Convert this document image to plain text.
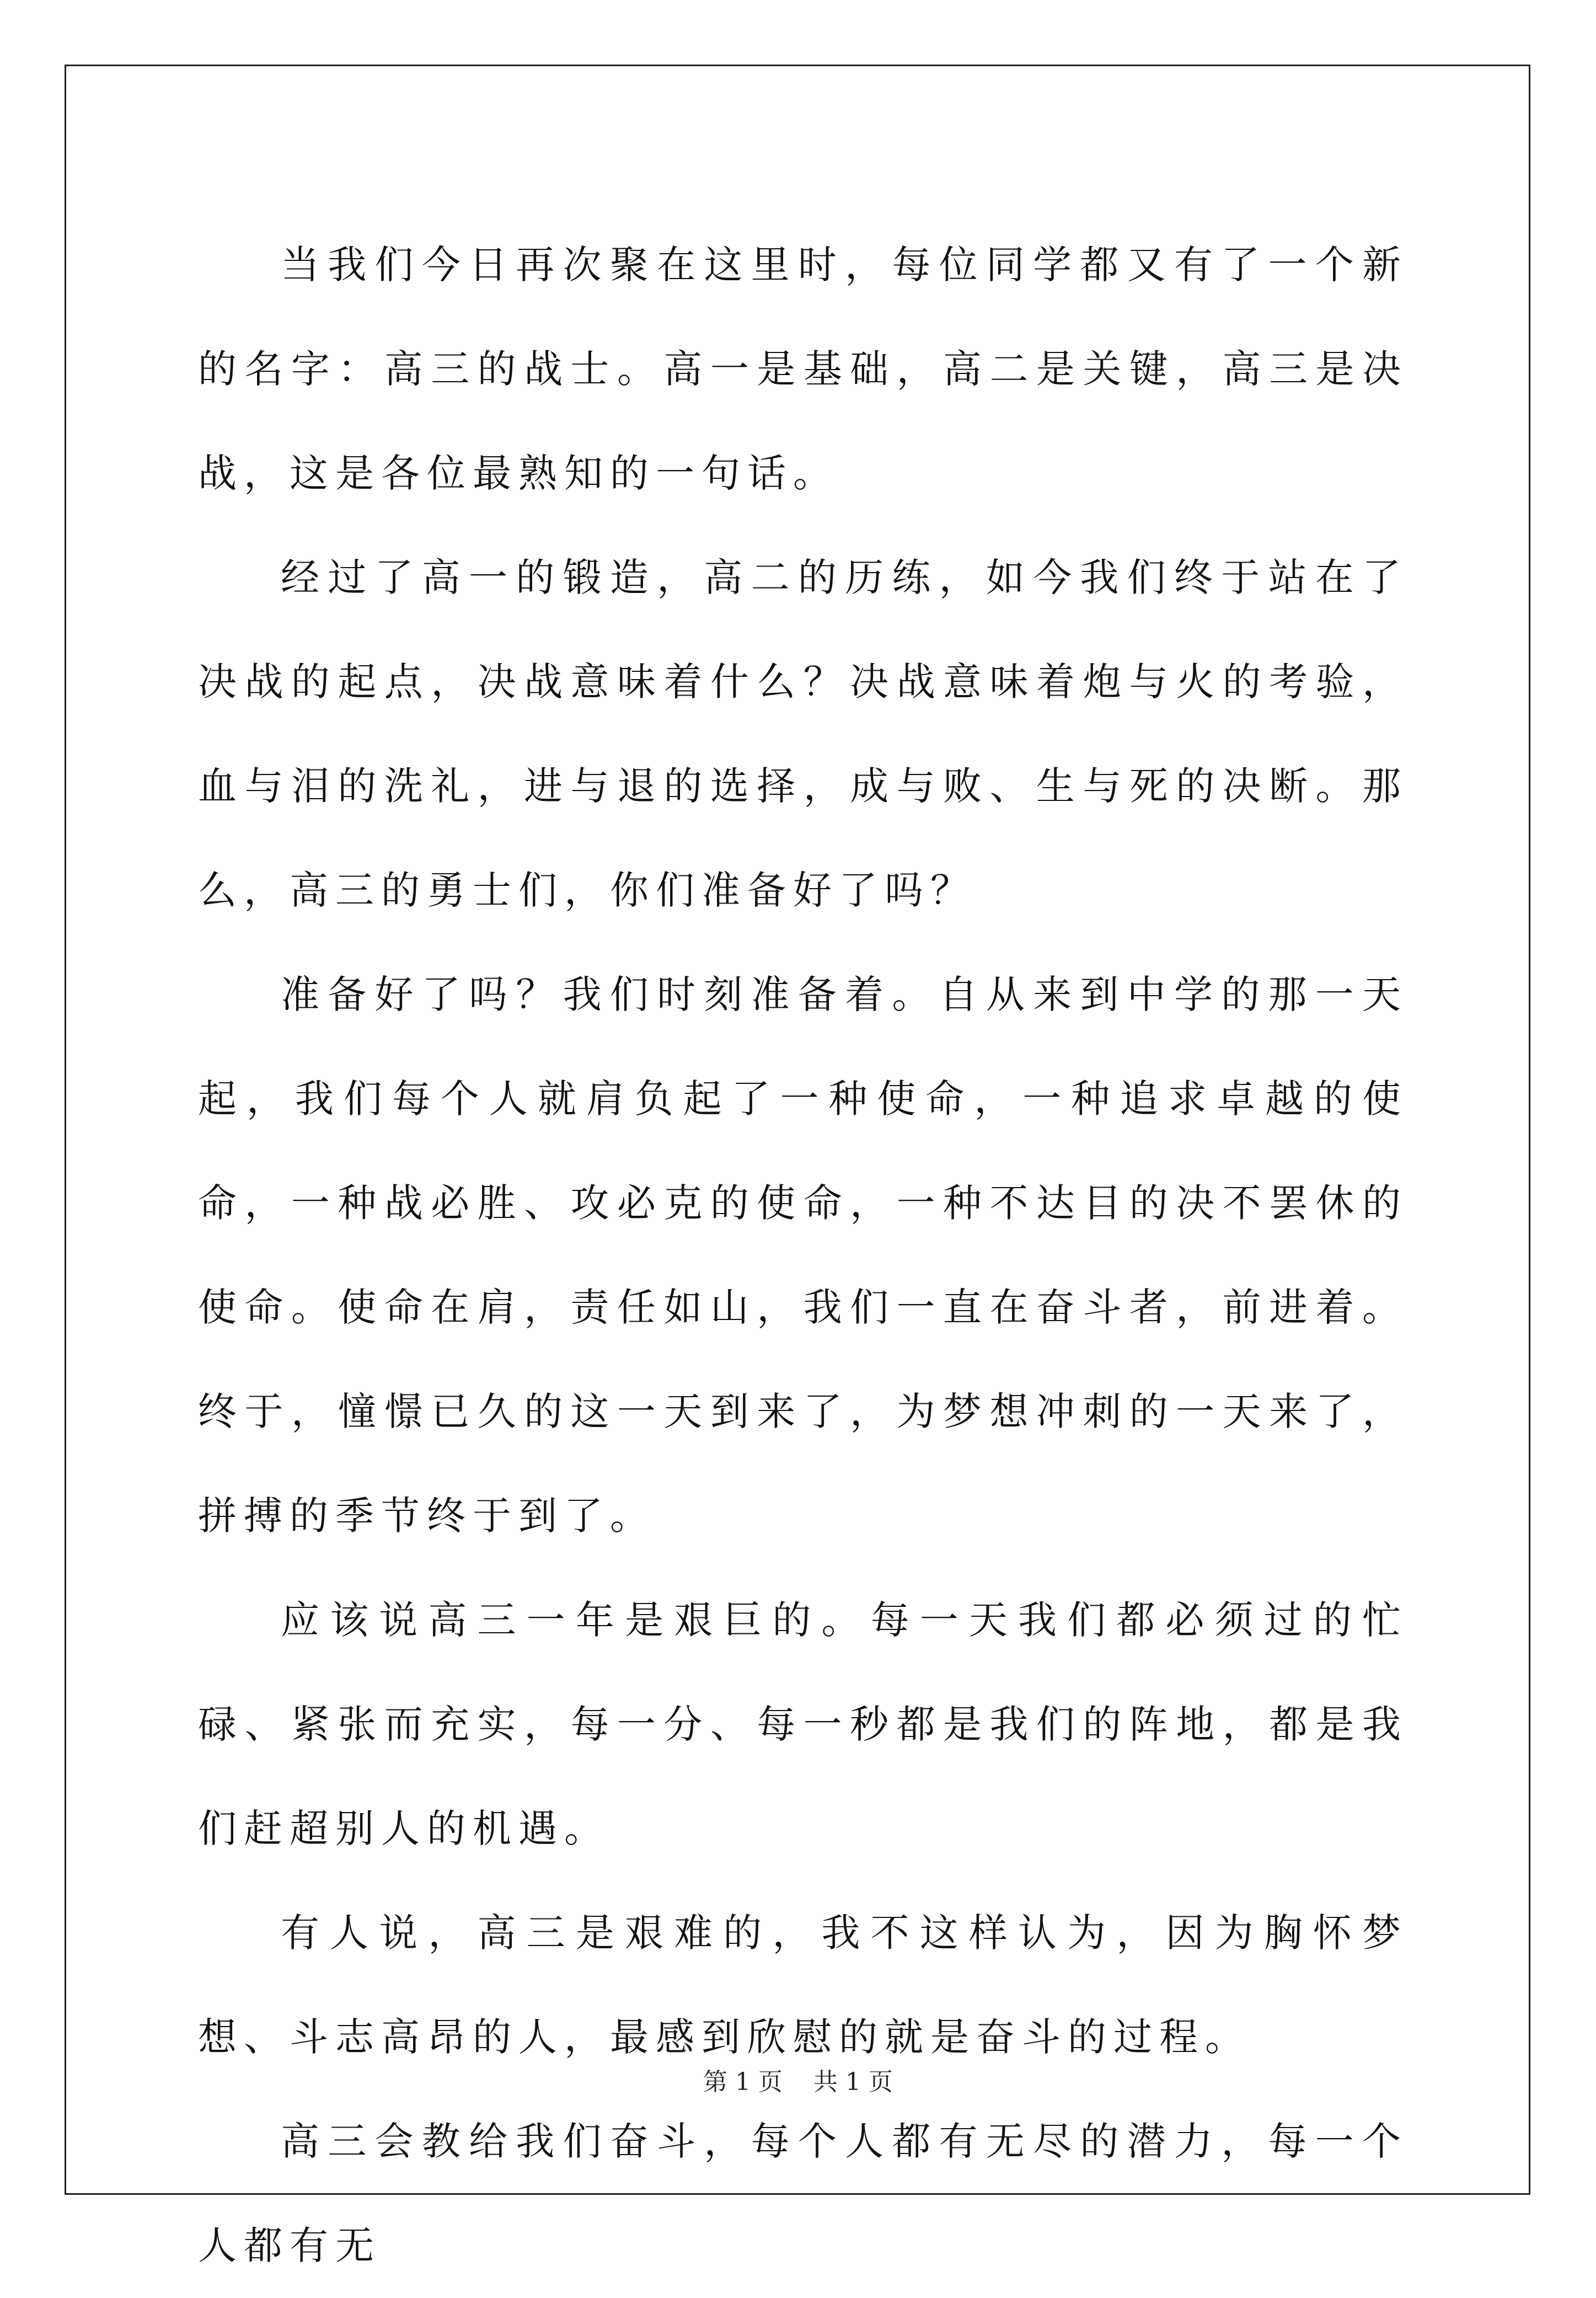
当我们今日再次聚在这里时，每位同学都又有了一个新的名字：高三的战士。高一是基础，高二是关键，高三是决战，这是各位最熟知的一句话。

经过了高一的锻造，高二的历练，如今我们终于站在了决战的起点，决战意味着什么？决战意味着炮与火的考验，血与泪的洗礼，进与退的选择，成与败、生与死的决断。那么，高三的勇士们，你们准备好了吗？

准备好了吗？我们时刻准备着。自从来到中学的那一天起，我们每个人就肩负起了一种使命，一种追求卓越的使命，一种战必胜、攻必克的使命，一种不达目的决不罢休的使命。使命在肩，责任如山，我们一直在奋斗者，前进着。终于，憧憬已久的这一天到来了，为梦想冲刺的一天来了，拼搏的季节终于到了。

应该说高三一年是艰巨的。每一天我们都必须过的忙碌、紧张而充实，每一分、每一秒都是我们的阵地，都是我们赶超别人的机遇。

有人说，高三是艰难的，我不这样认为，因为胸怀梦想、斗志高昂的人，最感到欣慰的就是奋斗的过程。

高三会教给我们奋斗，每个人都有无尽的潜力，每一个人都有无

第 1 页    共 1 页
